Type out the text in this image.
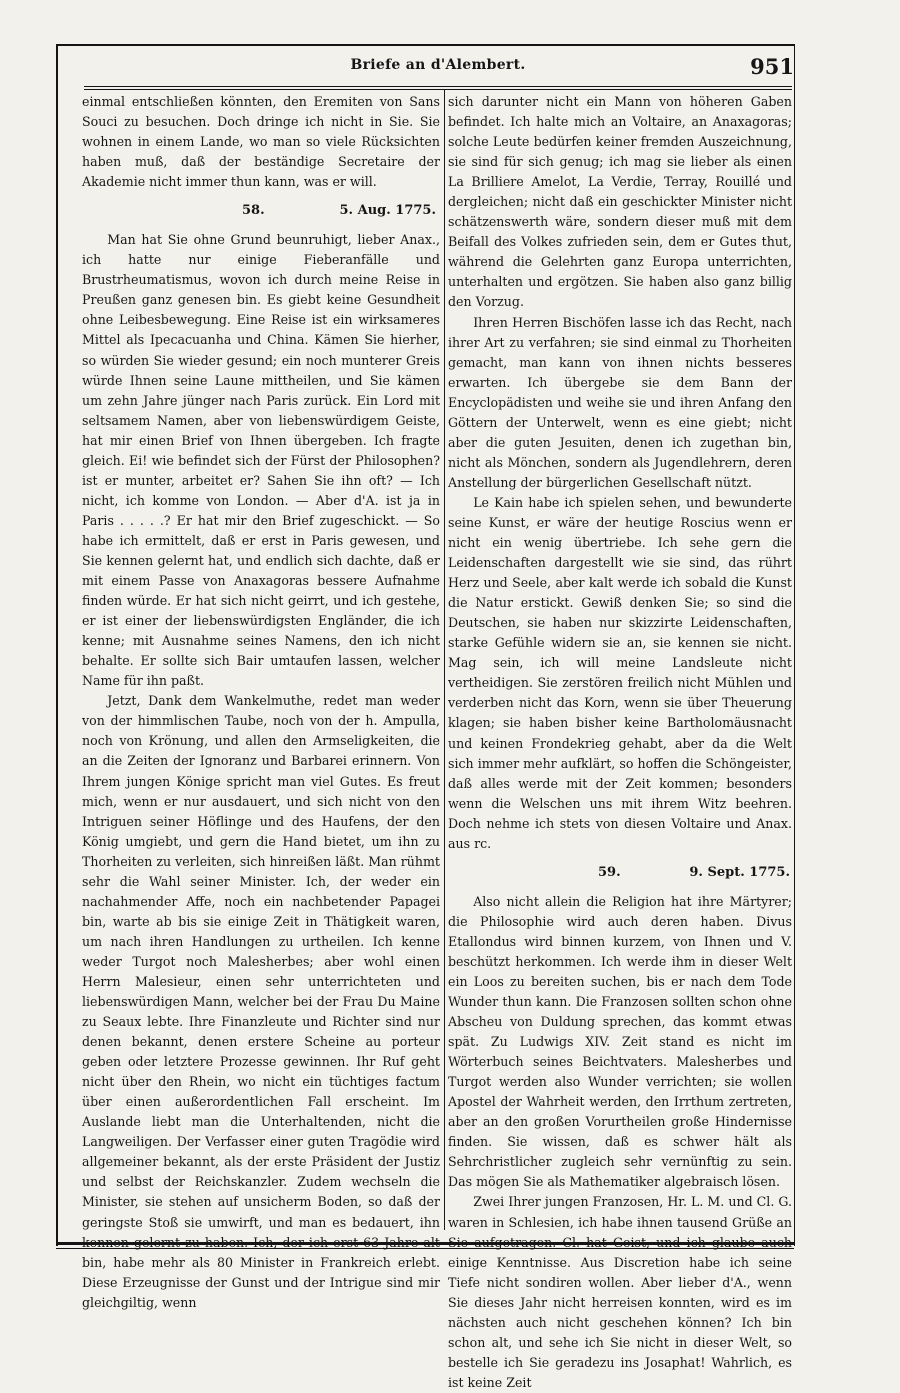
Briefe an d'Alembert.	951

einmal entschließen könnten, den Eremiten von Sans Souci zu besuchen. Doch dringe ich nicht in Sie. Sie wohnen in einem Lande, wo man so viele Rücksichten haben muß, daß der beständige Secretaire der Akademie nicht immer thun kann, was er will.

58.	5. Aug. 1775.

Man hat Sie ohne Grund beunruhigt, lieber Anax., ich hatte nur einige Fieberanfälle und Brustrheumatismus, wovon ich durch meine Reise in Preußen ganz genesen bin. Es giebt keine Gesundheit ohne Leibesbewegung. Eine Reise ist ein wirksameres Mittel als Ipecacuanha und China. Kämen Sie hierher, so würden Sie wieder gesund; ein noch munterer Greis würde Ihnen seine Laune mittheilen, und Sie kämen um zehn Jahre jünger nach Paris zurück. Ein Lord mit seltsamem Namen, aber von liebenswürdigem Geiste, hat mir einen Brief von Ihnen übergeben. Ich fragte gleich. Ei! wie befindet sich der Fürst der Philosophen? ist er munter, arbeitet er? Sahen Sie ihn oft? — Ich nicht, ich komme von London. — Aber d'A. ist ja in Paris . . . . .? Er hat mir den Brief zugeschickt. — So habe ich ermittelt, daß er erst in Paris gewesen, und Sie kennen gelernt hat, und endlich sich dachte, daß er mit einem Passe von Anaxagoras bessere Aufnahme finden würde. Er hat sich nicht geirrt, und ich gestehe, er ist einer der liebenswürdigsten Engländer, die ich kenne; mit Ausnahme seines Namens, den ich nicht behalte. Er sollte sich Bair umtaufen lassen, welcher Name für ihn paßt.

Jetzt, Dank dem Wankelmuthe, redet man weder von der himmlischen Taube, noch von der h. Ampulla, noch von Krönung, und allen den Armseligkeiten, die an die Zeiten der Ignoranz und Barbarei erinnern. Von Ihrem jungen Könige spricht man viel Gutes. Es freut mich, wenn er nur ausdauert, und sich nicht von den Intriguen seiner Höflinge und des Haufens, der den König umgiebt, und gern die Hand bietet, um ihn zu Thorheiten zu verleiten, sich hinreißen läßt. Man rühmt sehr die Wahl seiner Minister. Ich, der weder ein nachahmender Affe, noch ein nachbetender Papagei bin, warte ab bis sie einige Zeit in Thätigkeit waren, um nach ihren Handlungen zu urtheilen. Ich kenne weder Turgot noch Malesherbes; aber wohl einen Herrn Malesieur, einen sehr unterrichteten und liebenswürdigen Mann, welcher bei der Frau Du Maine zu Seaux lebte. Ihre Finanzleute und Richter sind nur denen bekannt, denen erstere Scheine au porteur geben oder letztere Prozesse gewinnen. Ihr Ruf geht nicht über den Rhein, wo nicht ein tüchtiges factum über einen außerordentlichen Fall erscheint. Im Auslande liebt man die Unterhaltenden, nicht die Langweiligen. Der Verfasser einer guten Tragödie wird allgemeiner bekannt, als der erste Präsident der Justiz und selbst der Reichskanzler. Zudem wechseln die Minister, sie stehen auf unsicherm Boden, so daß der geringste Stoß sie umwirft, und man es bedauert, ihn kennen gelernt zu haben. Ich, der ich erst 63 Jahre alt bin, habe mehr als 80 Minister in Frankreich erlebt. Diese Erzeugnisse der Gunst und der Intrigue sind mir gleichgiltig, wenn

sich darunter nicht ein Mann von höheren Gaben befindet. Ich halte mich an Voltaire, an Anaxagoras; solche Leute bedürfen keiner fremden Auszeichnung, sie sind für sich genug; ich mag sie lieber als einen La Brilliere Amelot, La Verdie, Terray, Rouillé und dergleichen; nicht daß ein geschickter Minister nicht schätzenswerth wäre, sondern dieser muß mit dem Beifall des Volkes zufrieden sein, dem er Gutes thut, während die Gelehrten ganz Europa unterrichten, unterhalten und ergötzen. Sie haben also ganz billig den Vorzug.

Ihren Herren Bischöfen lasse ich das Recht, nach ihrer Art zu verfahren; sie sind einmal zu Thorheiten gemacht, man kann von ihnen nichts besseres erwarten. Ich übergebe sie dem Bann der Encyclopädisten und weihe sie und ihren Anfang den Göttern der Unterwelt, wenn es eine giebt; nicht aber die guten Jesuiten, denen ich zugethan bin, nicht als Mönchen, sondern als Jugendlehrern, deren Anstellung der bürgerlichen Gesellschaft nützt.

Le Kain habe ich spielen sehen, und bewunderte seine Kunst, er wäre der heutige Roscius wenn er nicht ein wenig übertriebe. Ich sehe gern die Leidenschaften dargestellt wie sie sind, das rührt Herz und Seele, aber kalt werde ich sobald die Kunst die Natur erstickt. Gewiß denken Sie; so sind die Deutschen, sie haben nur skizzirte Leidenschaften, starke Gefühle widern sie an, sie kennen sie nicht. Mag sein, ich will meine Landsleute nicht vertheidigen. Sie zerstören freilich nicht Mühlen und verderben nicht das Korn, wenn sie über Theuerung klagen; sie haben bisher keine Bartholomäusnacht und keinen Frondekrieg gehabt, aber da die Welt sich immer mehr aufklärt, so hoffen die Schöngeister, daß alles werde mit der Zeit kommen; besonders wenn die Welschen uns mit ihrem Witz beehren. Doch nehme ich stets von diesen Voltaire und Anax. aus rc.

59.	9. Sept. 1775.

Also nicht allein die Religion hat ihre Märtyrer; die Philosophie wird auch deren haben. Divus Etallondus wird binnen kurzem, von Ihnen und V. beschützt herkommen. Ich werde ihm in dieser Welt ein Loos zu bereiten suchen, bis er nach dem Tode Wunder thun kann. Die Franzosen sollten schon ohne Abscheu von Duldung sprechen, das kommt etwas spät. Zu Ludwigs XIV. Zeit stand es nicht im Wörterbuch seines Beichtvaters. Malesherbes und Turgot werden also Wunder verrichten; sie wollen Apostel der Wahrheit werden, den Irrthum zertreten, aber an den großen Vorurtheilen große Hindernisse finden. Sie wissen, daß es schwer hält als Sehrchristlicher zugleich sehr vernünftig zu sein. Das mögen Sie als Mathematiker algebraisch lösen.

Zwei Ihrer jungen Franzosen, Hr. L. M. und Cl. G. waren in Schlesien, ich habe ihnen tausend Grüße an Sie aufgetragen. Cl. hat Geist, und ich glaube auch einige Kenntnisse. Aus Discretion habe ich seine Tiefe nicht sondiren wollen. Aber lieber d'A., wenn Sie dieses Jahr nicht herreisen konnten, wird es im nächsten auch nicht geschehen können? Ich bin schon alt, und sehe ich Sie nicht in dieser Welt, so bestelle ich Sie geradezu ins Josaphat! Wahrlich, es ist keine Zeit
